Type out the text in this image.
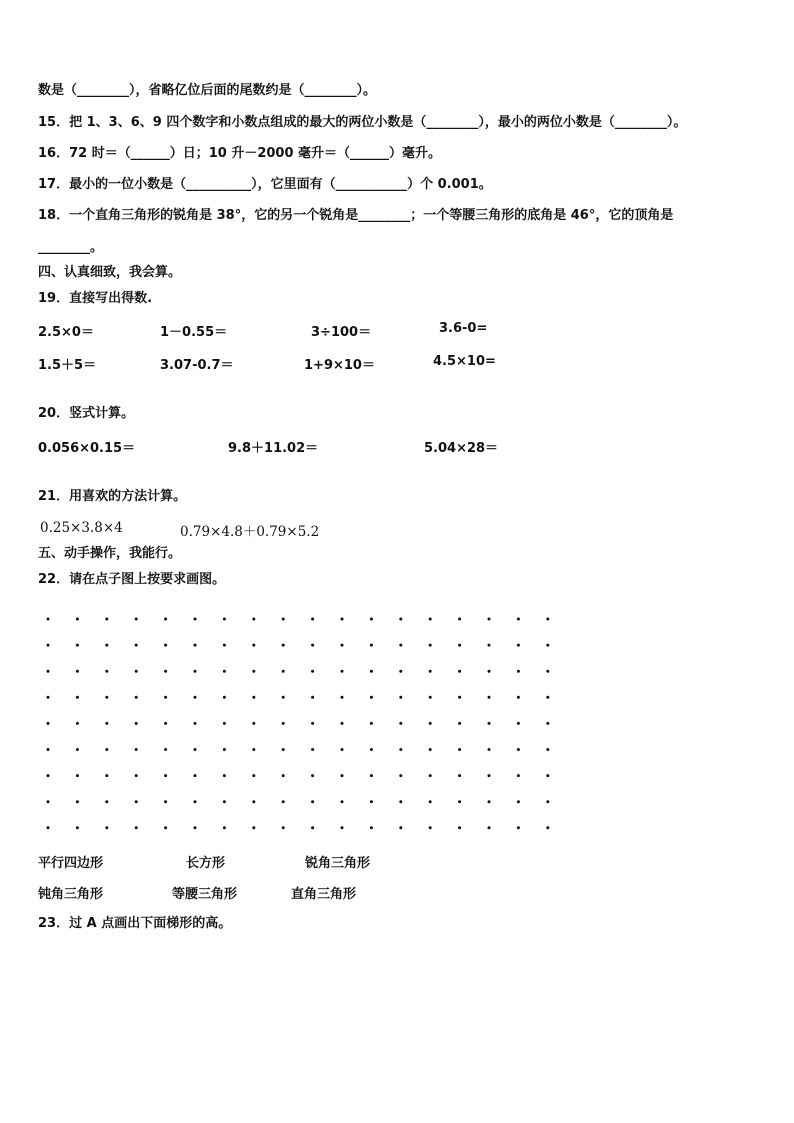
数是（________），省略亿位后面的尾数约是（________）。
15．把 1、3、6、9 四个数字和小数点组成的最大的两位小数是（________），最小的两位小数是（________）。
16．72 时＝（______）日；10 升－2000 毫升＝（______）毫升。
17．最小的一位小数是（__________），它里面有（___________）个 0.001。
18．一个直角三角形的锐角是 38°，它的另一个锐角是________；一个等腰三角形的底角是 46°，它的顶角是
________。
四、认真细致，我会算。
19．直接写出得数.
2.5×0＝	1－0.55＝	3÷100＝	3.6-0=
1.5＋5＝	3.07-0.7＝	1+9×10＝	4.5×10=
20．竖式计算。
0.056×0.15＝	9.8＋11.02＝	5.04×28＝
21．用喜欢的方法计算。
0.25×3.8×4	0.79×4.8＋0.79×5.2
五、动手操作，我能行。
22．请在点子图上按要求画图。
平行四边形	长方形	锐角三角形
钝角三角形	等腰三角形	直角三角形
23．过 A 点画出下面梯形的高。
